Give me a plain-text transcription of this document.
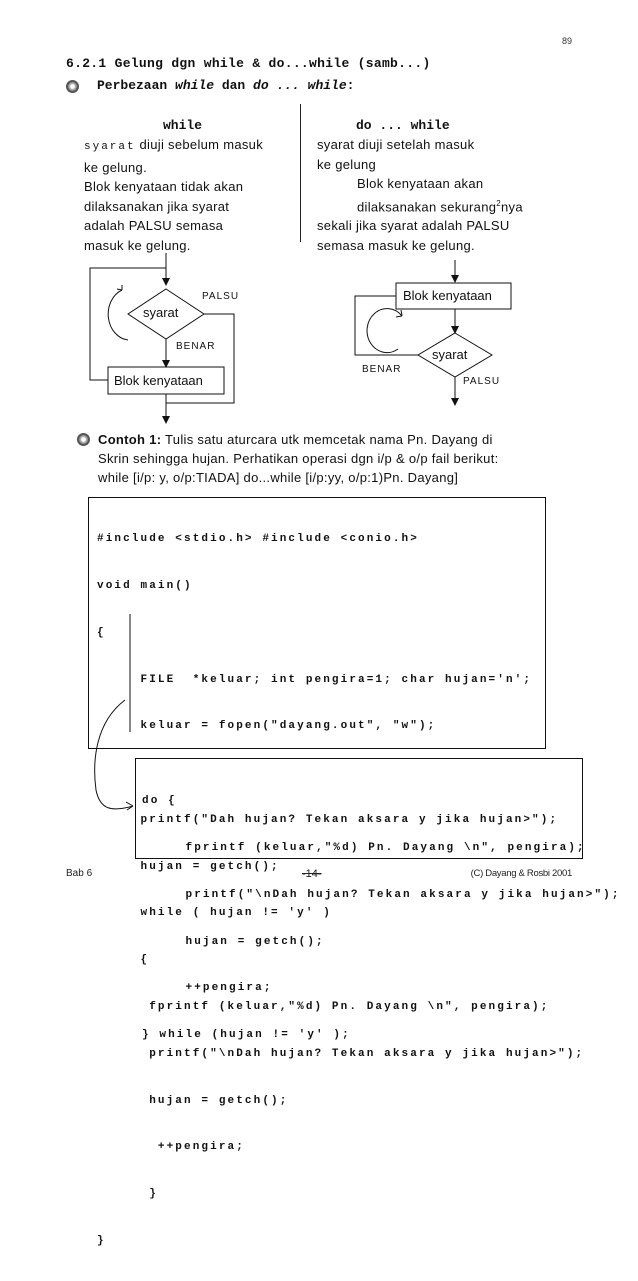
89
6.2.1 Gelung dgn while & do...while (samb...)
Perbezaan while dan do ... while:
while
syarat diuji sebelum masuk
ke gelung.
Blok kenyataan tidak akan
dilaksanakan jika syarat
adalah PALSU semasa
masuk ke gelung.
do ... while
syarat diuji setelah masuk
ke gelung
Blok kenyataan akan
dilaksanakan sekurang$^2$nya
sekali jika syarat adalah PALSU
semasa masuk ke gelung.
syarat
PALSU
BENAR
Blok kenyataan
Blok kenyataan
syarat
BENAR
PALSU
Contoh 1: Tulis satu aturcara utk memcetak nama Pn. Dayang di
Skrin sehingga hujan. Perhatikan operasi dgn i/p & o/p fail berikut:
while [i/p: y, o/p:TIADA] do...while [i/p:yy, o/p:1)Pn. Dayang]

#include <stdio.h> #include <conio.h>

void main()

{

FILE  *keluar; int pengira=1; char hujan='n';

keluar = fopen("dayang.out", "w");

printf("Dah hujan? Tekan aksara y jika hujan>");

hujan = getch();

while ( hujan != 'y' )

{

fprintf (keluar,"%d) Pn. Dayang \n", pengira);

printf("\nDah hujan? Tekan aksara y jika hujan>");

hujan = getch();

++pengira;

}

}

do {

fprintf (keluar,"%d) Pn. Dayang \n", pengira);

printf("\nDah hujan? Tekan aksara y jika hujan>");

hujan = getch();

++pengira;

} while (hujan != 'y' );

Bab 6	-14-	(C) Dayang & Rosbi 2001
